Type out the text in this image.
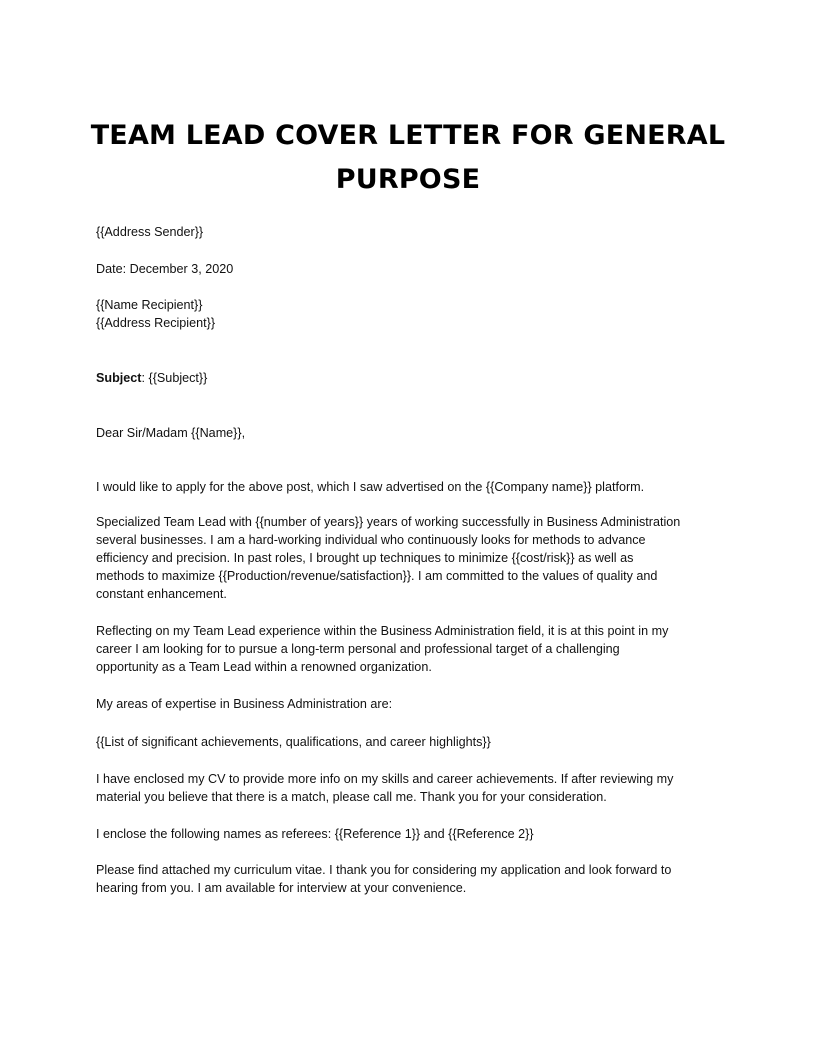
TEAM LEAD COVER LETTER FOR GENERAL
PURPOSE

{{Address Sender}}

Date: December 3, 2020

{{Name Recipient}}
{{Address Recipient}}

Subject: {{Subject}}

Dear Sir/Madam {{Name}},

I would like to apply for the above post, which I saw advertised on the {{Company name}} platform.

Specialized Team Lead with {{number of years}} years of working successfully in Business Administration
several businesses. I am a hard-working individual who continuously looks for methods to advance
efficiency and precision. In past roles, I brought up techniques to minimize {{cost/risk}} as well as
methods to maximize {{Production/revenue/satisfaction}}. I am committed to the values of quality and
constant enhancement.

Reflecting on my Team Lead experience within the Business Administration field, it is at this point in my
career I am looking for to pursue a long-term personal and professional target of a challenging
opportunity as a Team Lead within a renowned organization.

My areas of expertise in Business Administration are:

{{List of significant achievements, qualifications, and career highlights}}

I have enclosed my CV to provide more info on my skills and career achievements. If after reviewing my
material you believe that there is a match, please call me. Thank you for your consideration.

I enclose the following names as referees: {{Reference 1}} and {{Reference 2}}

Please find attached my curriculum vitae. I thank you for considering my application and look forward to
hearing from you. I am available for interview at your convenience.
